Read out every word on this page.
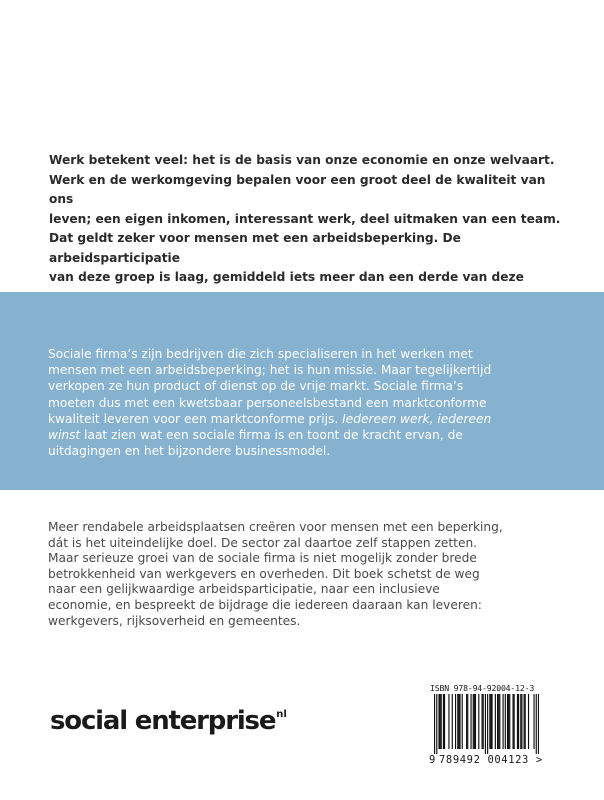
Werk betekent veel: het is de basis van onze economie en onze welvaart.

Werk en de werkomgeving bepalen voor een groot deel de kwaliteit van ons

leven; een eigen inkomen, interessant werk, deel uitmaken van een team.

Dat geldt zeker voor mensen met een arbeidsbeperking. De arbeidsparticipatie

van deze groep is laag, gemiddeld iets meer dan een derde van deze

Sociale firma’s zijn bedrijven die zich specialiseren in het werken met

mensen met een arbeidsbeperking; het is hun missie. Maar tegelijkertijd

verkopen ze hun product of dienst op de vrije markt. Sociale firma’s

moeten dus met een kwetsbaar personeelsbestand een marktconforme

kwaliteit leveren voor een marktconforme prijs. Iedereen werk, iedereen

winst laat zien wat een sociale firma is en toont de kracht ervan, de

uitdagingen en het bijzondere businessmodel.

Meer rendabele arbeidsplaatsen creëren voor mensen met een beperking,

dát is het uiteindelijke doel. De sector zal daartoe zelf stappen zetten.

Maar serieuze groei van de sociale firma is niet mogelijk zonder brede

betrokkenheid van werkgevers en overheden. Dit boek schetst de weg

naar een gelijkwaardige arbeidsparticipatie, naar een inclusieve

economie, en bespreekt de bijdrage die iedereen daaraan kan leveren:

werkgevers, rijksoverheid en gemeentes.

social enterprise$^{nl}$
ISBN 978-94-92004-12-3
9 789492 004123 >
